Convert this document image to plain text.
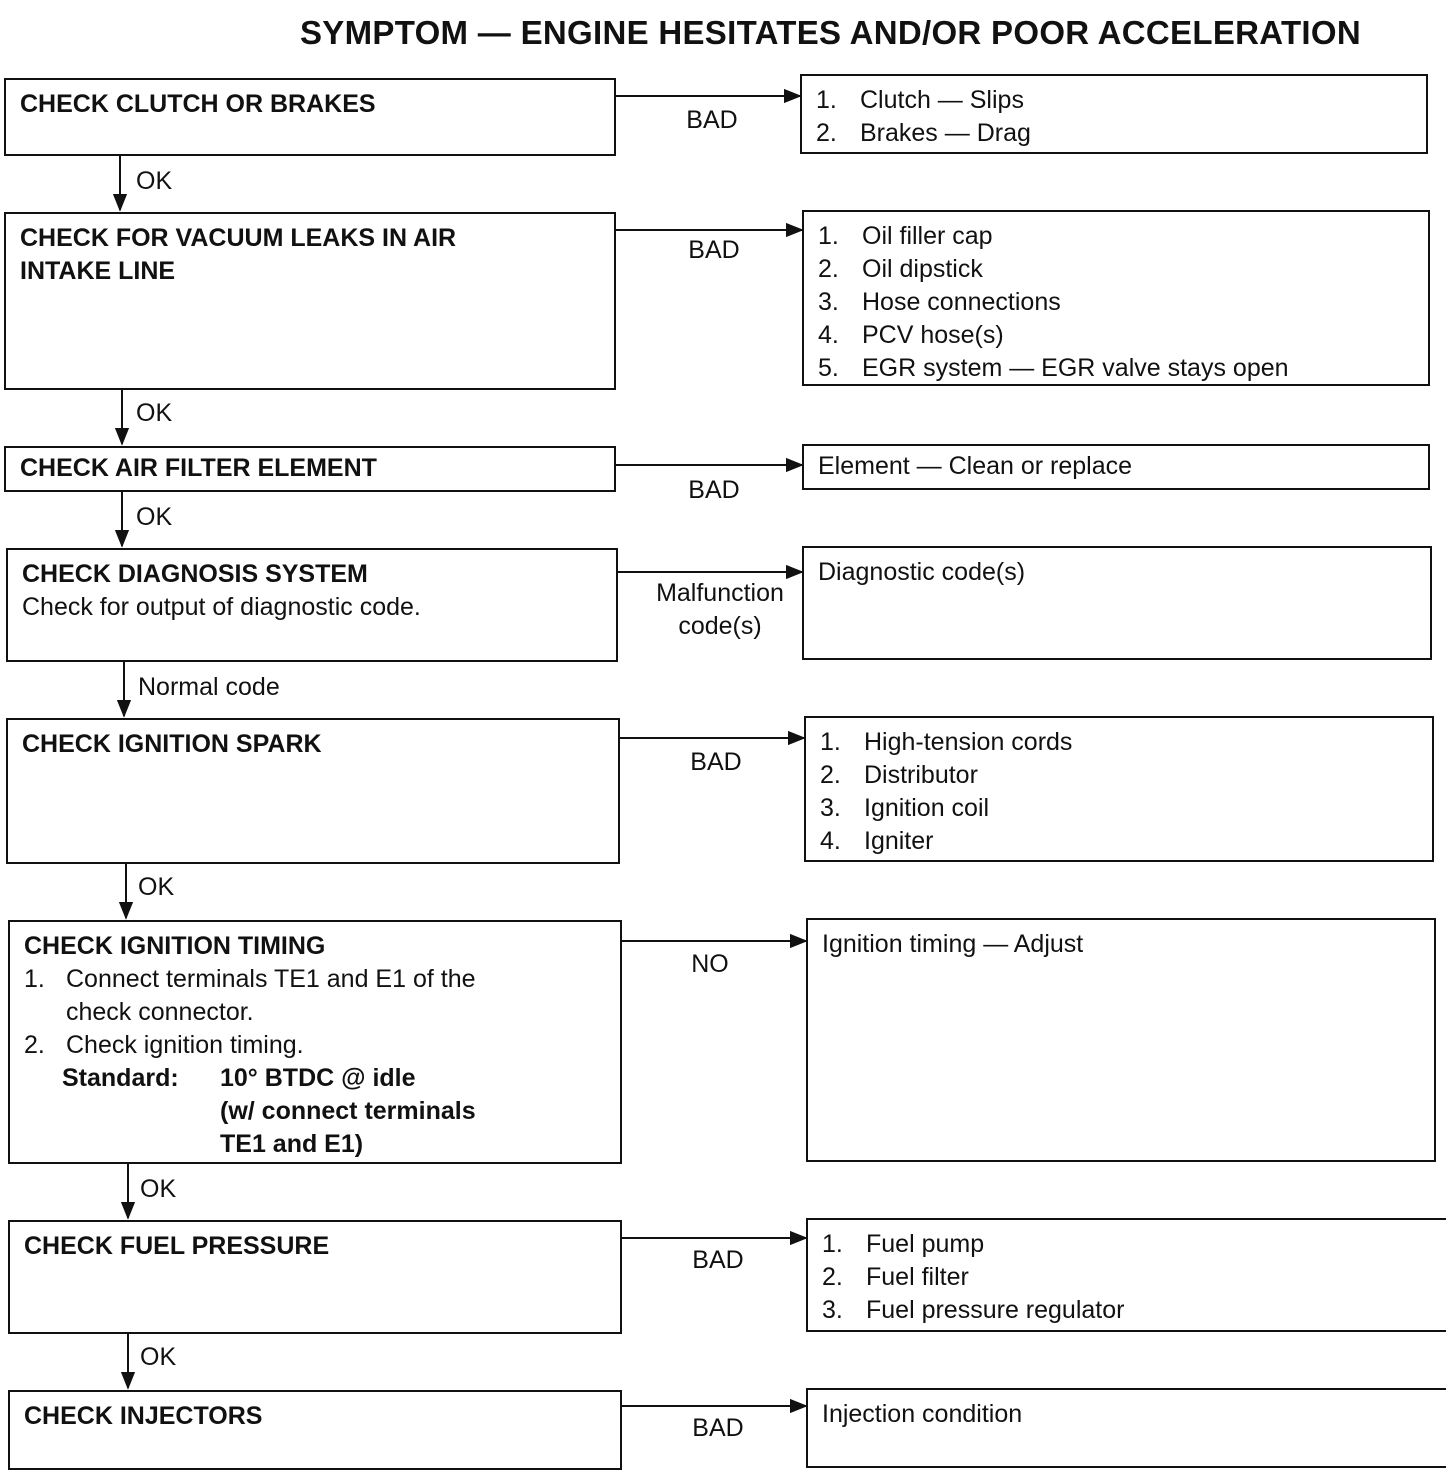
SYMPTOM — ENGINE HESITATES AND/OR POOR ACCELERATION
CHECK CLUTCH OR BRAKES
BAD
1. Clutch — Slips
2. Brakes — Drag
OK
CHECK FOR VACUUM LEAKS IN AIR
INTAKE LINE
BAD	1. Oil filler cap
2. Oil dipstick
3. Hose connections
4. PCV hose(s)
5. EGR system — EGR valve stays open
OK
CHECK AIR FILTER ELEMENT
BAD
Element — Clean or replace
OK
CHECK DIAGNOSIS SYSTEM
Check for output of diagnostic code.	Malfunction
code(s)
Diagnostic code(s)
Normal code
CHECK IGNITION SPARK
BAD
1. High-tension cords
2. Distributor
3. Ignition coil
4. Igniter
OK
CHECK IGNITION TIMING
1. Connect terminals TE1 and E1 of the
check connector.
2. Check ignition timing.
Standard: 10° BTDC @ idle
(w/ connect terminals
TE1 and E1)
NO
Ignition timing — Adjust
OK
CHECK FUEL PRESSURE	BAD
1. Fuel pump
2. Fuel filter
3. Fuel pressure regulator
OK
CHECK INJECTORS	BAD	Injection condition
